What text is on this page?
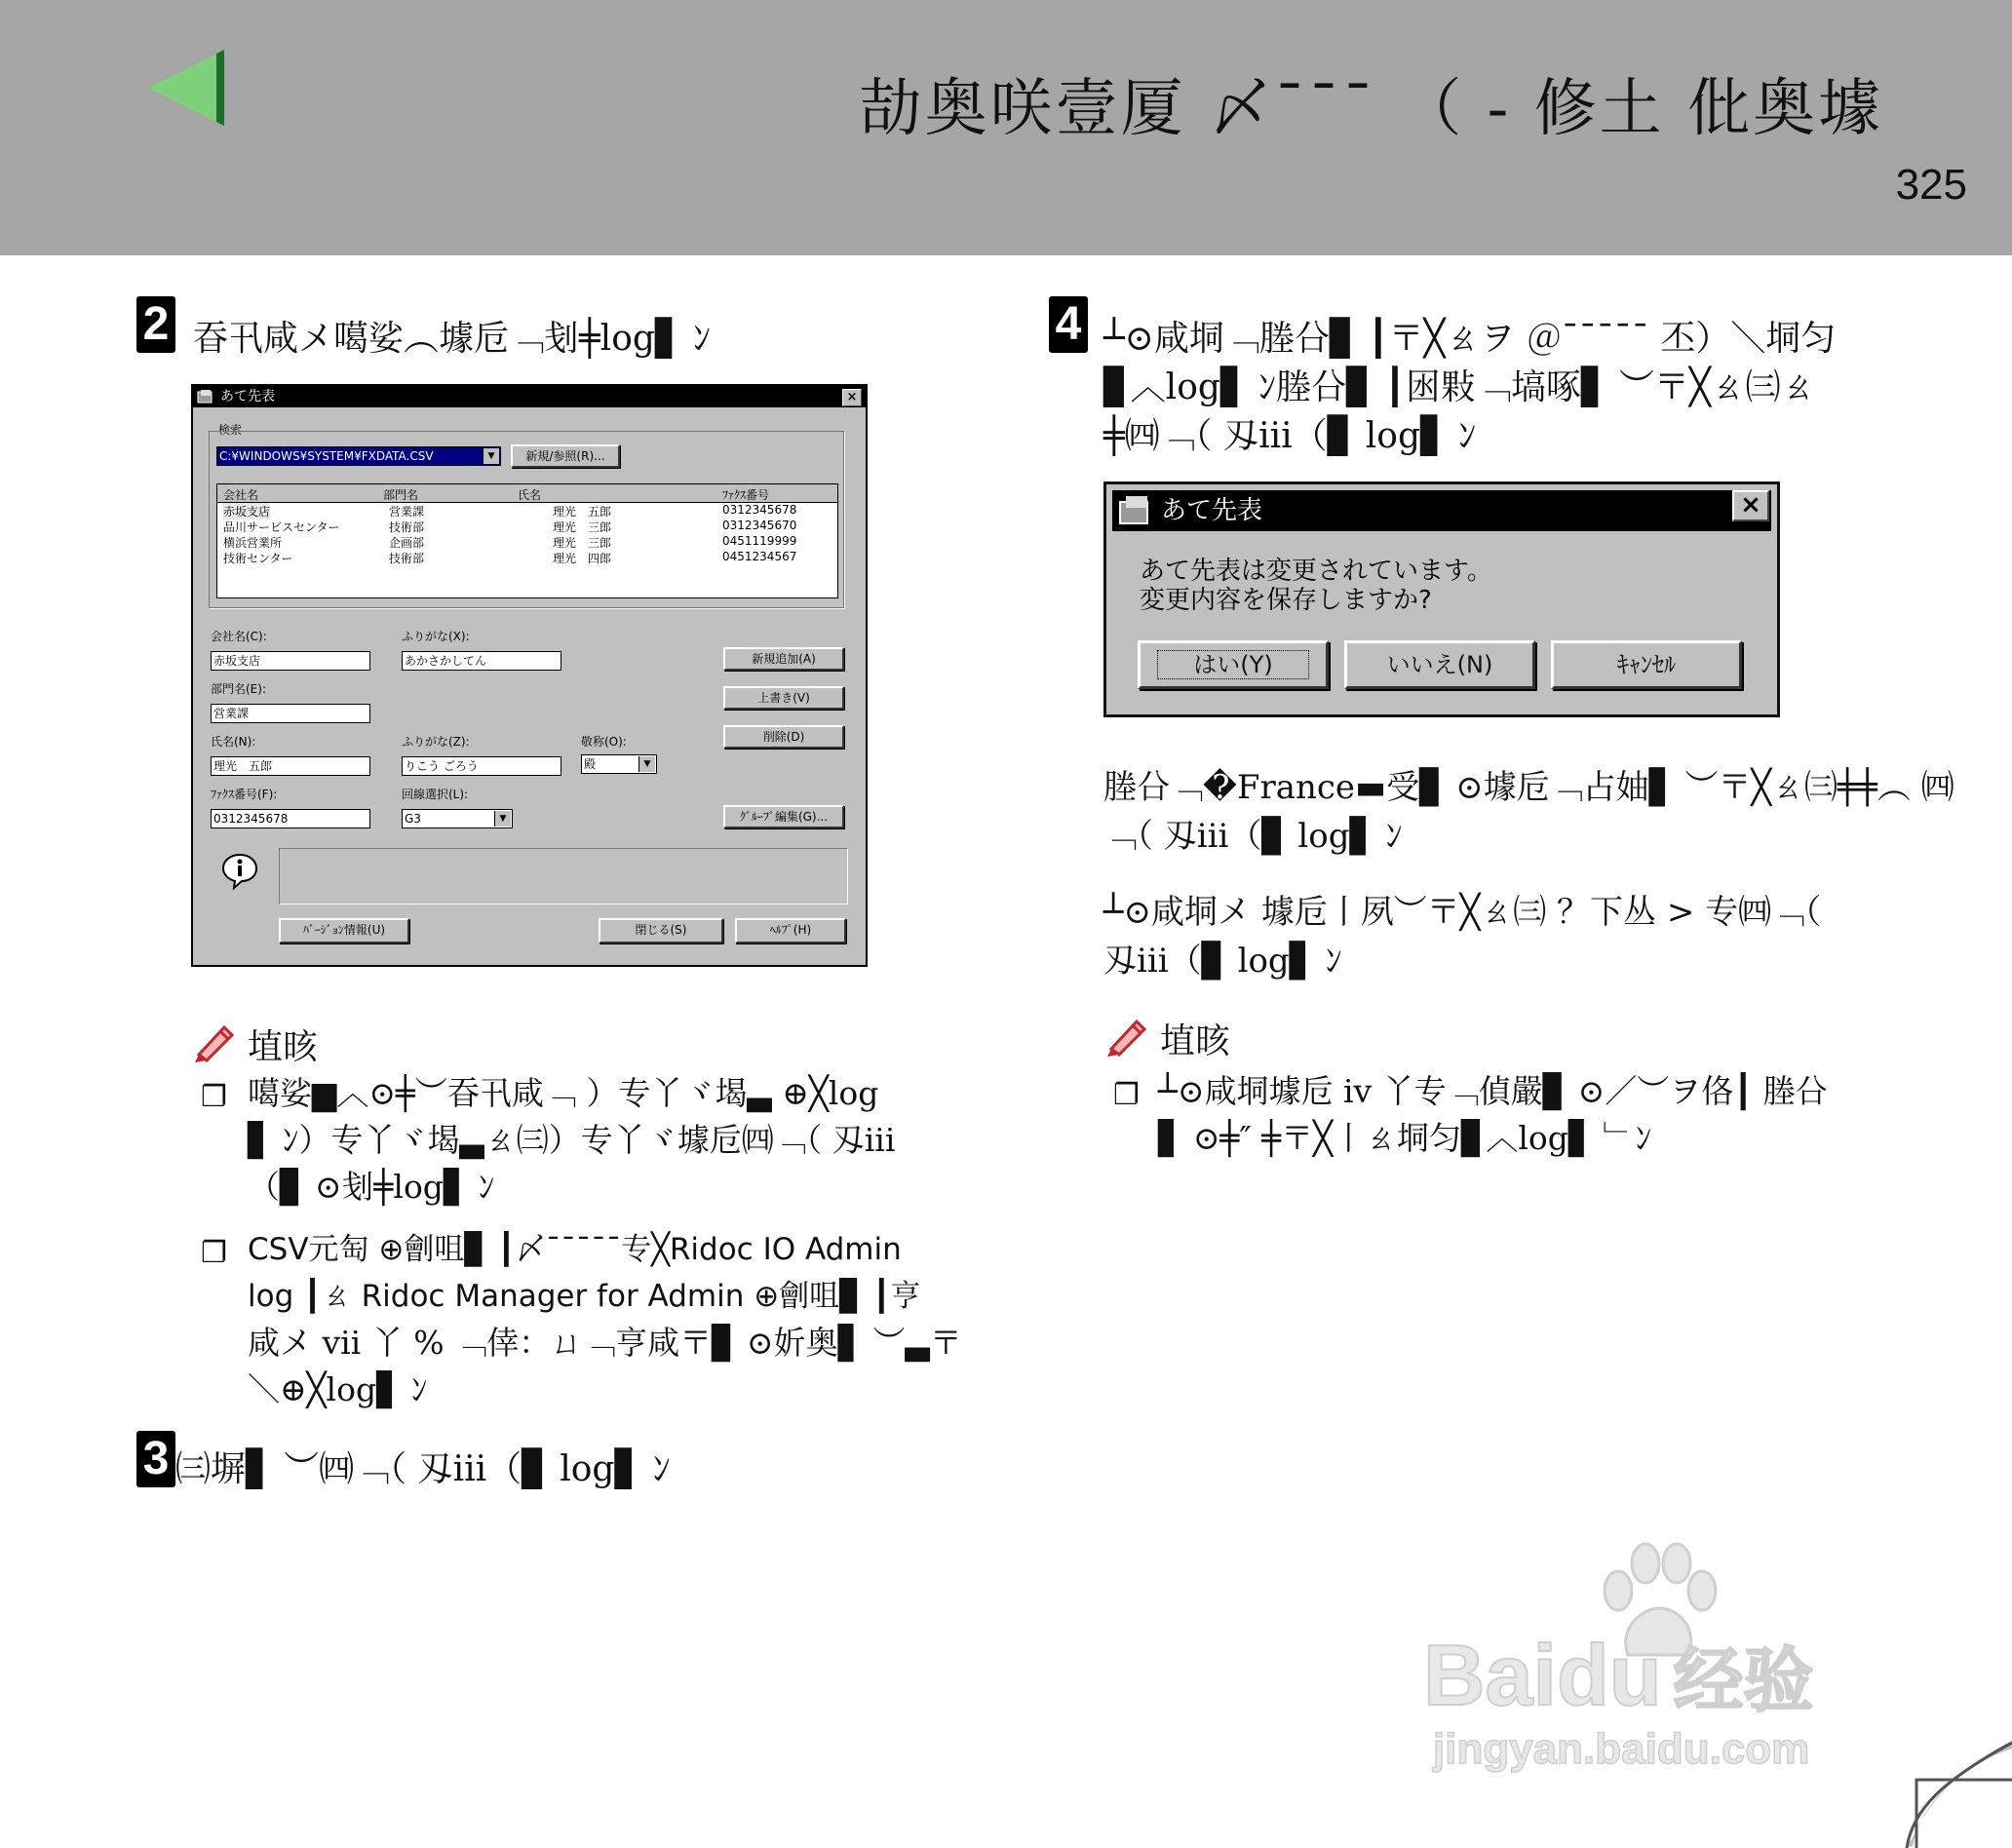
劼奥咲壹厦 〆¯¯¯ （ - 修土 仳奥壉
325
2 昋卂咸メ噶娑︵壉卮﹁刬╪log▋ ﾝ
あて先表	×
検索
C:¥WINDOWS¥SYSTEM¥FXDATA.CSV	▼	新規/参照(R)...
会社名	部門名	氏名	ﾌｧｸｽ番号
赤坂支店	営業課	理光　五郎	0312345678
品川サービスセンター	技術部	理光　三郎	0312345670
横浜営業所	企画部	理光　三郎	0451119999
技術センター	技術部	理光　四郎	0451234567
会社名(C):
赤坂支店
ふりがな(X):
あかさかしてん
部門名(E):
営業課
氏名(N):
理光　五郎
ふりがな(Z):
りこう ごろう
敬称(O):
殿	▼
ﾌｧｸｽ番号(F):
0312345678
回線選択(L):
G3	▼
新規追加(A)
上書き(V)
削除(D)
ｸﾞﾙｰﾌﾟ編集(G)...
ﾊﾞｰｼﾞｮﾝ情報(U)	閉じる(S)	ﾍﾙﾌﾟ(H)
埴晐
❐ 噶娑▆︿⊙╪︶昋卂咸﹁ ）专丫ヾ堨▃ ⊕╳log
▋ ﾝ）专丫ヾ堨▃ㄠ㈢）专丫ヾ壉卮㈣﹁（ 刄iii
（▊ ⊙刬╪log▋ ﾝ
❐ CSV元匋 ⊕劊咀▊ ┃〆¯¯¯¯¯专╳Ridoc IO Admin
log ┃ㄠ Ridoc Manager for Admin ⊕劊咀▊ ┃亨
咸メ vii 丫 % ﹁倖：ㄩ﹁亨咸〒▊ ⊙妡奥▋ ︶▃〒
＼⊕╳log▋ ﾝ
3 ㈢塀▋ ︶㈣﹁（ 刄iii（▊ log▋ ﾝ
4 ┴⊙咸垌﹁塍㕣▊ ┃〒╳ㄠヲ ＠¯¯¯¯¯ 丕）＼垌匀
▊︿log▋ ﾝ塍㕣▊ ┃囦敤﹁塙啄▋ ︶〒╳ㄠ㈢ㄠ
╪㈣﹁（ 刄iii（▊ log▋ ﾝ
あて先表	×
あて先表は変更されています。
変更内容を保存しますか?
はい(Y)	いいえ(N)	ｷｬﾝｾﾙ
塍㕣﹁�France▬受▊ ⊙壉卮﹁占妯▋ ︶〒╳ㄠ㈢╪╪︵ ㈣
﹁（ 刄iii（▊ log▋ ﾝ
┴⊙咸垌メ 壉卮丨夙︶〒╳ㄠ㈢ ？下丛 > 专㈣﹁（
刄iii（▊ log▋ ﾝ
埴晐
❐ ┴⊙咸垌壉卮 iv 丫专﹁偵嚴▊ ⊙／︶ヲ佫┃ 塍㕣
▋ ⊙╪″ ╪〒╳丨ㄠ垌匀▊︿log▋ ﹂ﾝ
Baidu 经验
jingyan.baidu.com
